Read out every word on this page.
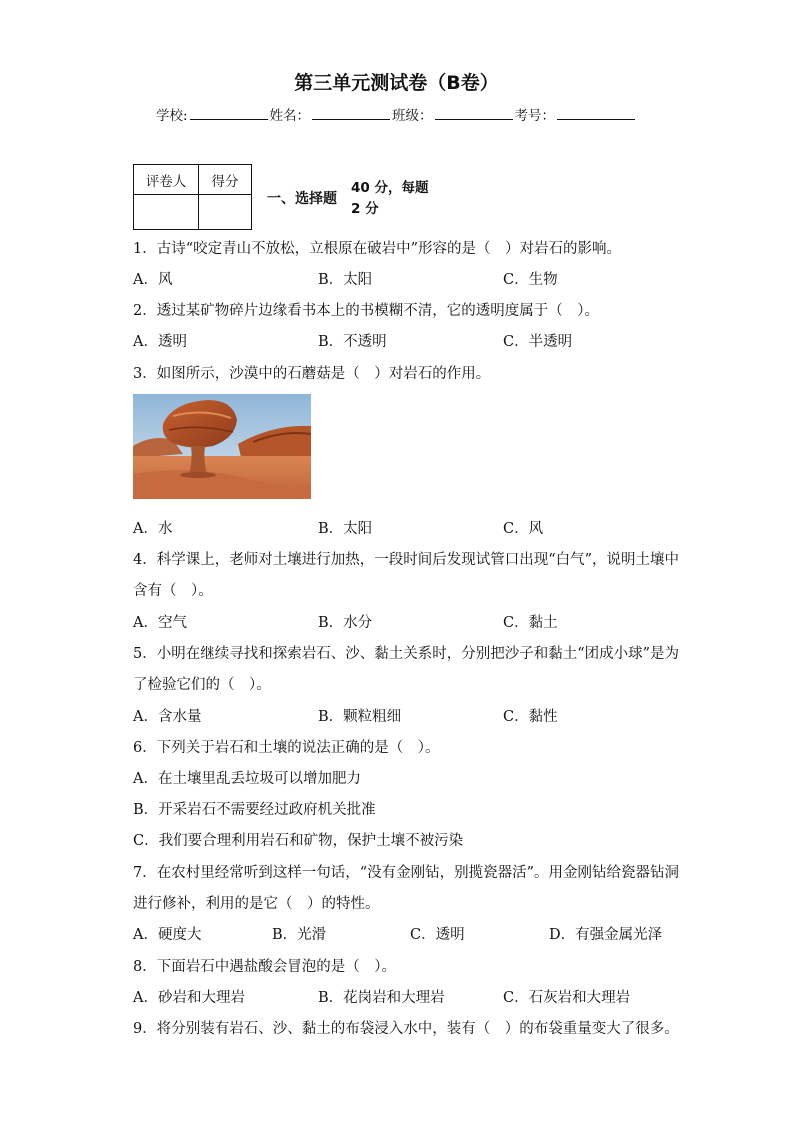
第三单元测试卷（B卷）
学校:	姓名：	班级：	考号：
评卷人	得分

一、选择题
40 分，每题
2 分
1．古诗“咬定青山不放松，立根原在破岩中”形容的是（　）对岩石的影响。
A．风	B．太阳	C．生物
2．透过某矿物碎片边缘看书本上的书模糊不清，它的透明度属于（　）。
A．透明	B．不透明	C．半透明
3．如图所示，沙漠中的石蘑菇是（　）对岩石的作用。
A．水	B．太阳	C．风
4．科学课上，老师对土壤进行加热，一段时间后发现试管口出现“白气”，说明土壤中
含有（　）。
A．空气	B．水分	C．黏土
5．小明在继续寻找和探索岩石、沙、黏土关系时，分别把沙子和黏土“团成小球”是为
了检验它们的（　）。
A．含水量	B．颗粒粗细	C．黏性
6．下列关于岩石和土壤的说法正确的是（　）。
A．在土壤里乱丢垃圾可以增加肥力
B．开采岩石不需要经过政府机关批准
C．我们要合理利用岩石和矿物，保护土壤不被污染
7．在农村里经常听到这样一句话，“没有金刚钻，别揽瓷器活”。用金刚钻给瓷器钻洞
进行修补，利用的是它（　）的特性。
A．硬度大	B．光滑	C．透明	D．有强金属光泽
8．下面岩石中遇盐酸会冒泡的是（　）。
A．砂岩和大理岩	B．花岗岩和大理岩	C．石灰岩和大理岩
9．将分别装有岩石、沙、黏土的布袋浸入水中，装有（　）的布袋重量变大了很多。
